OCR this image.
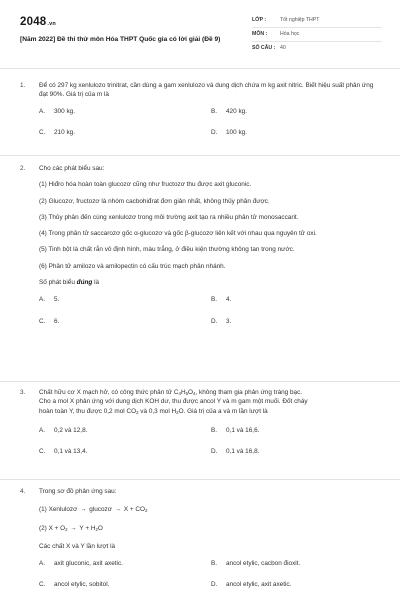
2048.vn
[Năm 2022] Đề thi thử môn Hóa THPT Quốc gia có lời giải (Đề 9)
LỚP :	Tốt nghiệp THPT
MÔN :	Hóa học
SỐ CÂU : 40
1. Để có 297 kg xenlulozo trinitrat, cần dùng a gam xenlulozo và dung dịch chứa m kg axit nitric. Biết hiệu suất phản ứng đạt 90%. Giá trị của m là
A.	300 kg.	B.	420 kg.
C.	210 kg.	D.	100 kg.
2. Cho các phát biểu sau:
(1) Hiđro hóa hoàn toàn glucozơ cũng như fructozơ thu được axit gluconic.
(2) Glucozơ, fructozơ là nhóm cacbohiđrat đơn giản nhất, không thủy phân được.
(3) Thủy phân đến cùng xenlulozơ trong môi trường axit tạo ra nhiều phân tử monosaccarit.
(4) Trong phân tử saccarozơ gốc α-glucozơ và gốc β-glucozơ liên kết với nhau qua nguyên tử oxi.
(5) Tinh bột là chất rắn vô định hình, màu trắng, ở điều kiện thường không tan trong nước.
(6) Phân tử amilozo và amilopectin có cấu trúc mạch phân nhánh.
Số phát biểu đúng là
A.	5.	B.	4.
C.	6.	D.	3.
3. Chất hữu cơ X mạch hở, có công thức phân tử $C_4H_6O_4$, không tham gia phản ứng tráng bạc.
Cho a mol X phản ứng với dung dịch KOH dư, thu được ancol Y và m gam một muối. Đốt cháy
hoàn toàn Y, thu được 0,2 mol $CO_2$ và 0,3 mol $H_2O$. Giá trị của a và m lần lượt là
A.	0,2 và 12,8.	B.	0,1 và 16,6.
C.	0,1 và 13,4.	D.	0,1 và 16,8.
4. Trong sơ đồ phản ứng sau:
(1) Xenlulozơ → glucozơ → $X + CO_2$
(2) $X + O_2 \to Y + H_2O$
Các chất X và Y lần lượt là
A.	axit gluconic, axit axetic.	B.	ancol etylic, cacbon đioxit.
C.	ancol etylic, sobitol.	D.	ancol etylic, axit axetic.
